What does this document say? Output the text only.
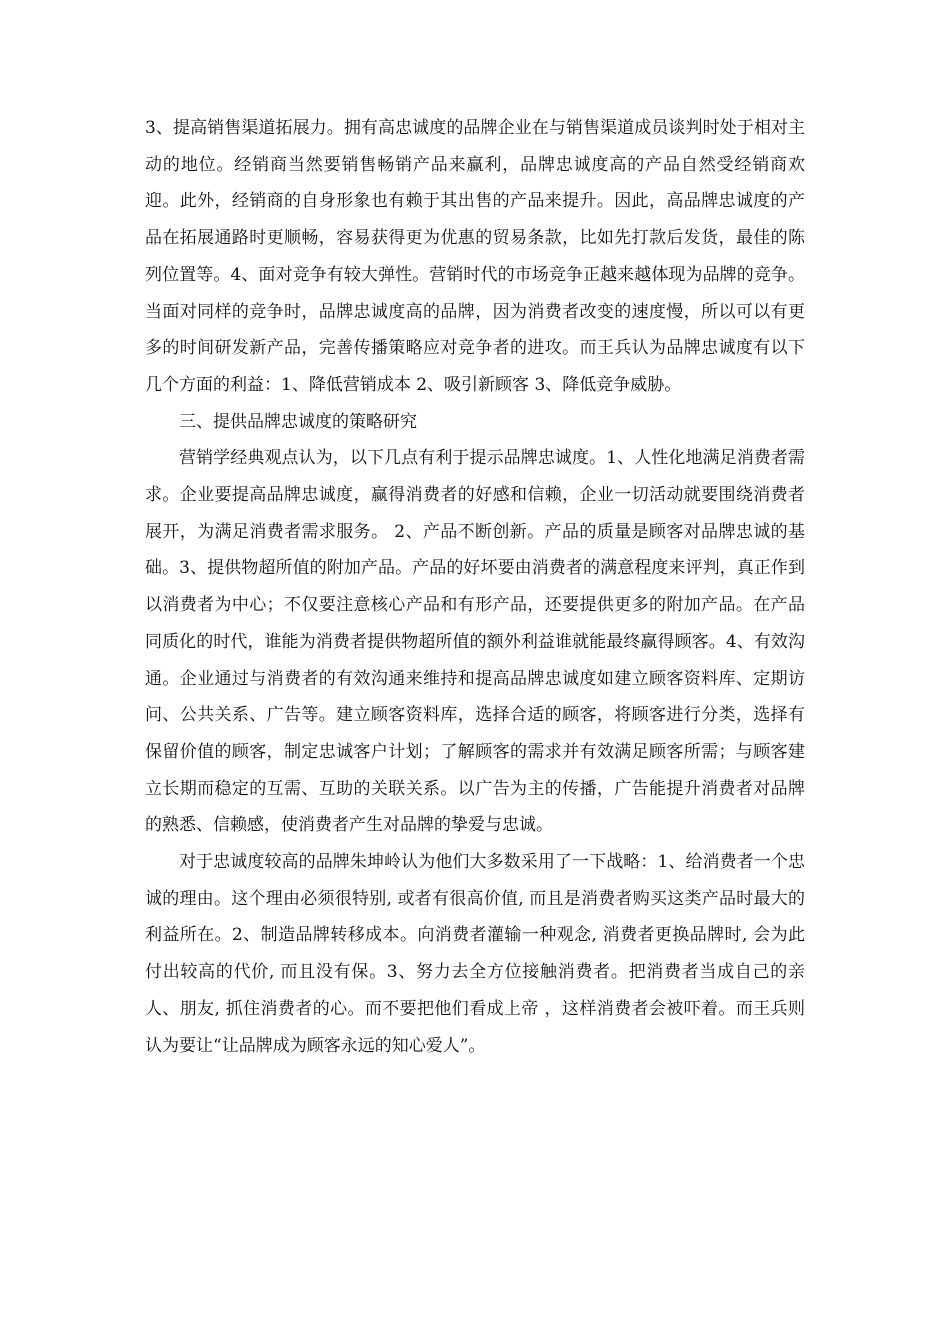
3、提高销售渠道拓展力。拥有高忠诚度的品牌企业在与销售渠道成员谈判时处于相对主动的地位。经销商当然要销售畅销产品来赢利，品牌忠诚度高的产品自然受经销商欢迎。此外，经销商的自身形象也有赖于其出售的产品来提升。因此，高品牌忠诚度的产品在拓展通路时更顺畅，容易获得更为优惠的贸易条款，比如先打款后发货，最佳的陈列位置等。4、面对竞争有较大弹性。营销时代的市场竞争正越来越体现为品牌的竞争。当面对同样的竞争时，品牌忠诚度高的品牌，因为消费者改变的速度慢，所以可以有更多的时间研发新产品，完善传播策略应对竞争者的进攻。而王兵认为品牌忠诚度有以下几个方面的利益：1、降低营销成本 2、吸引新顾客 3、降低竞争威胁。

三、提供品牌忠诚度的策略研究

营销学经典观点认为，以下几点有利于提示品牌忠诚度。1、人性化地满足消费者需求。企业要提高品牌忠诚度，赢得消费者的好感和信赖，企业一切活动就要围绕消费者展开，为满足消费者需求服务。 2、产品不断创新。产品的质量是顾客对品牌忠诚的基础。3、提供物超所值的附加产品。产品的好坏要由消费者的满意程度来评判，真正作到以消费者为中心；不仅要注意核心产品和有形产品，还要提供更多的附加产品。在产品同质化的时代，谁能为消费者提供物超所值的额外利益谁就能最终赢得顾客。4、有效沟通。企业通过与消费者的有效沟通来维持和提高品牌忠诚度如建立顾客资料库、定期访问、公共关系、广告等。建立顾客资料库，选择合适的顾客，将顾客进行分类，选择有保留价值的顾客，制定忠诚客户计划；了解顾客的需求并有效满足顾客所需；与顾客建立长期而稳定的互需、互助的关联关系。以广告为主的传播，广告能提升消费者对品牌的熟悉、信赖感，使消费者产生对品牌的挚爱与忠诚。

对于忠诚度较高的品牌朱坤岭认为他们大多数采用了一下战略：1、给消费者一个忠诚的理由。这个理由必须很特别, 或者有很高价值, 而且是消费者购买这类产品时最大的利益所在。2、制造品牌转移成本。向消费者灌输一种观念, 消费者更换品牌时, 会为此付出较高的代价, 而且没有保。3、努力去全方位接触消费者。把消费者当成自己的亲人、朋友, 抓住消费者的心。而不要把他们看成上帝 ，这样消费者会被吓着。而王兵则认为要让“让品牌成为顾客永远的知心爱人”。
